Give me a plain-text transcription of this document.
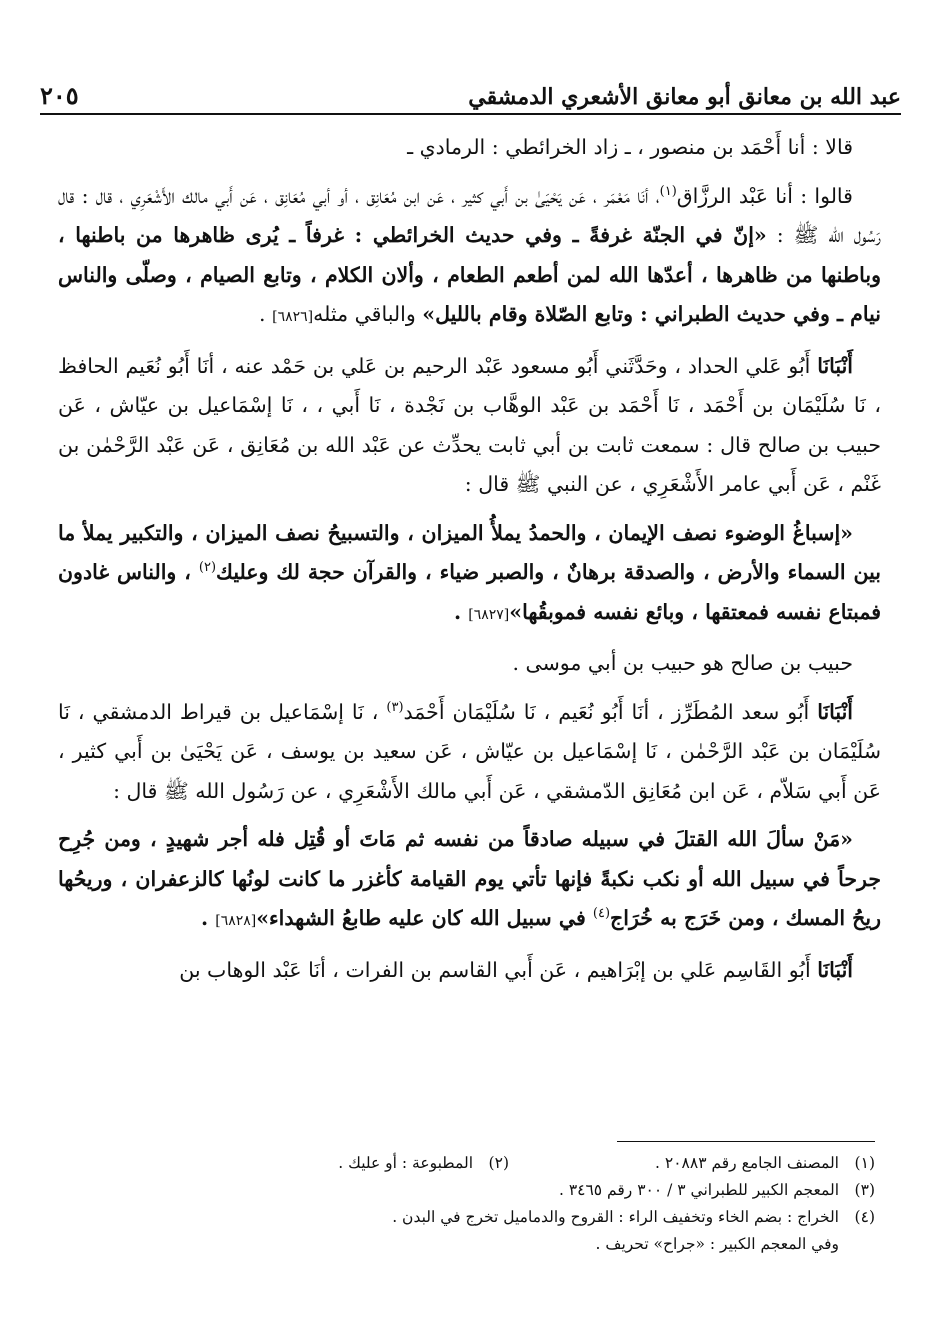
عبد الله بن معانق أبو معانق الأشعري الدمشقي
٢٠٥

قالا : أنا أَحْمَد بن منصور ، ـ زاد الخرائطي : الرمادي ـ

قالوا : أنا عَبْد الرزَّاق$^{(١)}$، أنَا مَعْمَر ، عَن يَحْيَىٰ بن أَبي كثير ، عَن ابن مُعَانِق ، أو أبي مُعَانِق ، عَن أَبي مالك الأَشْعَرِي ، قال : قال رَسُول الله ﷺ : «إنّ في الجنّة غرفةً ـ وفي حديث الخرائطي : غرفاً ـ يُرى ظاهرها من باطنها ، وباطنها من ظاهرها ، أعدّها الله لمن أطعم الطعام ، وألان الكلام ، وتابع الصيام ، وصلّى والناس نيام ـ وفي حديث الطبراني : وتابع الصّلاة وقام بالليل» والباقي مثله[٦٨٢٦] .

أَنْبَانَا أَبُو عَلي الحداد ، وحَدَّثَني أَبُو مسعود عَبْد الرحيم بن عَلي بن حَمْد عنه ، أنَا أَبُو نُعَيم الحافظ ، نَا سُلَيْمَان بن أَحْمَد ، نَا أَحْمَد بن عَبْد الوهَّاب بن نَجْدة ، نَا أَبي ، ، نَا إسْمَاعيل بن عيّاش ، عَن حبيب بن صالح قال : سمعت ثابت بن أبي ثابت يحدِّث عن عَبْد الله بن مُعَانِق ، عَن عَبْد الرَّحْمٰن بن غَنْم ، عَن أَبي عامر الأَشْعَرِي ، عن النبي ﷺ قال :

«إسباغُ الوضوء نصف الإيمان ، والحمدُ يملأُ الميزان ، والتسبيحُ نصف الميزان ، والتكبير يملأ ما بين السماء والأرض ، والصدقة برهانٌ ، والصبر ضياء ، والقرآن حجة لك وعليك$^{(٢)}$ ، والناس غادون فمبتاع نفسه فمعتقها ، وبائع نفسه فموبقُها»[٦٨٢٧] .

حبيب بن صالح هو حبيب بن أبي موسى .

أَنْبَانَا أَبُو سعد المُطَرِّز ، أنَا أَبُو نُعَيم ، نَا سُلَيْمَان أَحْمَد$^{(٣)}$ ، نَا إسْمَاعيل بن قيراط الدمشقي ، نَا سُلَيْمَان بن عَبْد الرَّحْمٰن ، نَا إسْمَاعيل بن عيّاش ، عَن سعيد بن يوسف ، عَن يَحْيَىٰ بن أَبي كثير ، عَن أَبي سَلاّم ، عَن ابن مُعَانِق الدّمشقي ، عَن أَبي مالك الأَشْعَرِي ، عن رَسُول الله ﷺ قال :

«مَنْ سألَ الله القتلَ في سبيله صادقاً من نفسه ثم مَاتَ أو قُتِل فله أجر شهيدٍ ، ومن جُرِح جرحاً في سبيل الله أو نكب نكبةً فإنها تأتي يوم القيامة كأغزر ما كانت لونُها كالزعفران ، وريحُها ريحُ المسك ، ومن خَرَج به خُرَاج$^{(٤)}$ في سبيل الله كان عليه طابعُ الشهداء»[٦٨٢٨] .

أَنْبَانَا أَبُو القَاسِم عَلي بن إبْرَاهيم ، عَن أَبي القاسم بن الفرات ، أنَا عَبْد الوهاب بن

(١)
المصنف الجامع رقم ٢٠٨٨٣ .
(٢)
المطبوعة : أو عليك .
(٣)
المعجم الكبير للطبراني ٣ / ٣٠٠ رقم ٣٤٦٥ .
(٤)
الخراج : بضم الخاء وتخفيف الراء : القروح والدماميل تخرج في البدن .
وفي المعجم الكبير : «جراح» تحريف .
